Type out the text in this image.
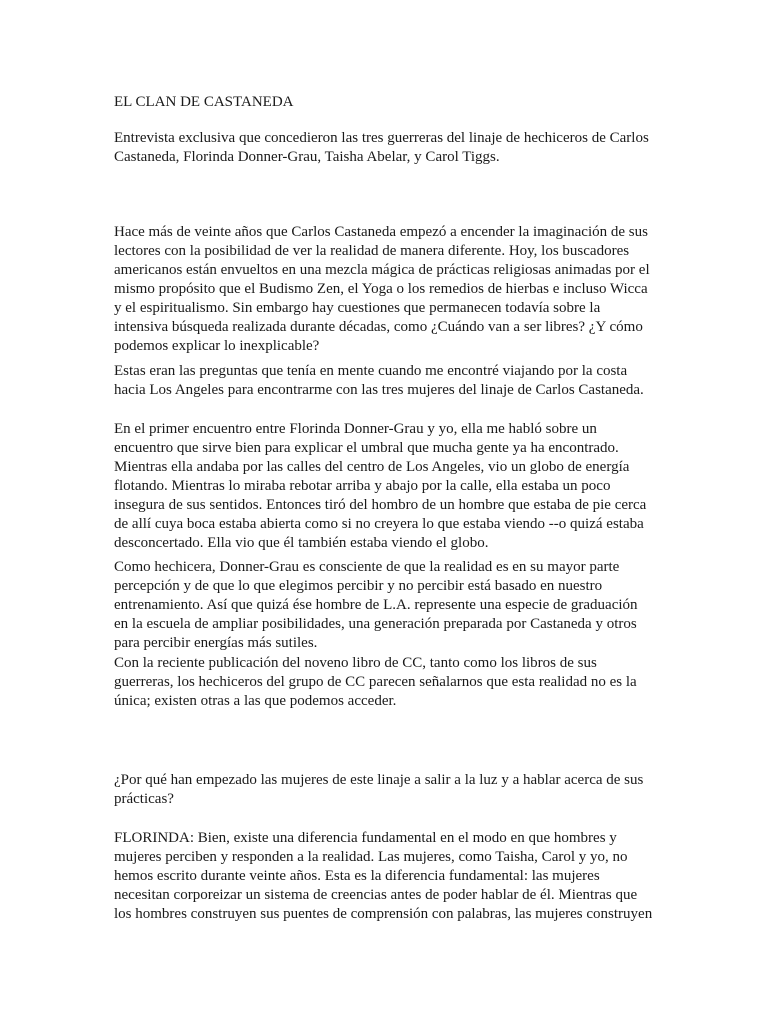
EL CLAN DE CASTANEDA

Entrevista exclusiva que concedieron las tres guerreras del linaje de hechiceros de Carlos
Castaneda, Florinda Donner-Grau, Taisha Abelar, y Carol Tiggs.

Hace más de veinte años que Carlos Castaneda empezó a encender la imaginación de sus
lectores con la posibilidad de ver la realidad de manera diferente. Hoy, los buscadores
americanos están envueltos en una mezcla mágica de prácticas religiosas animadas por el
mismo propósito que el Budismo Zen, el Yoga o los remedios de hierbas e incluso Wicca
y el espiritualismo. Sin embargo hay cuestiones que permanecen todavía sobre la
intensiva búsqueda realizada durante décadas, como ¿Cuándo van a ser libres? ¿Y cómo
podemos explicar lo inexplicable?

Estas eran las preguntas que tenía en mente cuando me encontré viajando por la costa
hacia Los Angeles para encontrarme con las tres mujeres del linaje de Carlos Castaneda.

En el primer encuentro entre Florinda Donner-Grau y yo, ella me habló sobre un
encuentro que sirve bien para explicar el umbral que mucha gente ya ha encontrado.
Mientras ella andaba por las calles del centro de Los Angeles, vio un globo de energía
flotando. Mientras lo miraba rebotar arriba y abajo por la calle, ella estaba un poco
insegura de sus sentidos. Entonces tiró del hombro de un hombre que estaba de pie cerca
de allí cuya boca estaba abierta como si no creyera lo que estaba viendo --o quizá estaba
desconcertado. Ella vio que él también estaba viendo el globo.

Como hechicera, Donner-Grau es consciente de que la realidad es en su mayor parte
percepción y de que lo que elegimos percibir y no percibir está basado en nuestro
entrenamiento. Así que quizá ése hombre de L.A. represente una especie de graduación
en la escuela de ampliar posibilidades, una generación preparada por Castaneda y otros
para percibir energías más sutiles.

Con la reciente publicación del noveno libro de CC, tanto como los libros de sus
guerreras, los hechiceros del grupo de CC parecen señalarnos que esta realidad no es la
única; existen otras a las que podemos acceder.

¿Por qué han empezado las mujeres de este linaje a salir a la luz y a hablar acerca de sus
prácticas?

FLORINDA: Bien, existe una diferencia fundamental en el modo en que hombres y
mujeres perciben y responden a la realidad. Las mujeres, como Taisha, Carol y yo, no
hemos escrito durante veinte años. Esta es la diferencia fundamental: las mujeres
necesitan corporeizar un sistema de creencias antes de poder hablar de él. Mientras que
los hombres construyen sus puentes de comprensión con palabras, las mujeres construyen
